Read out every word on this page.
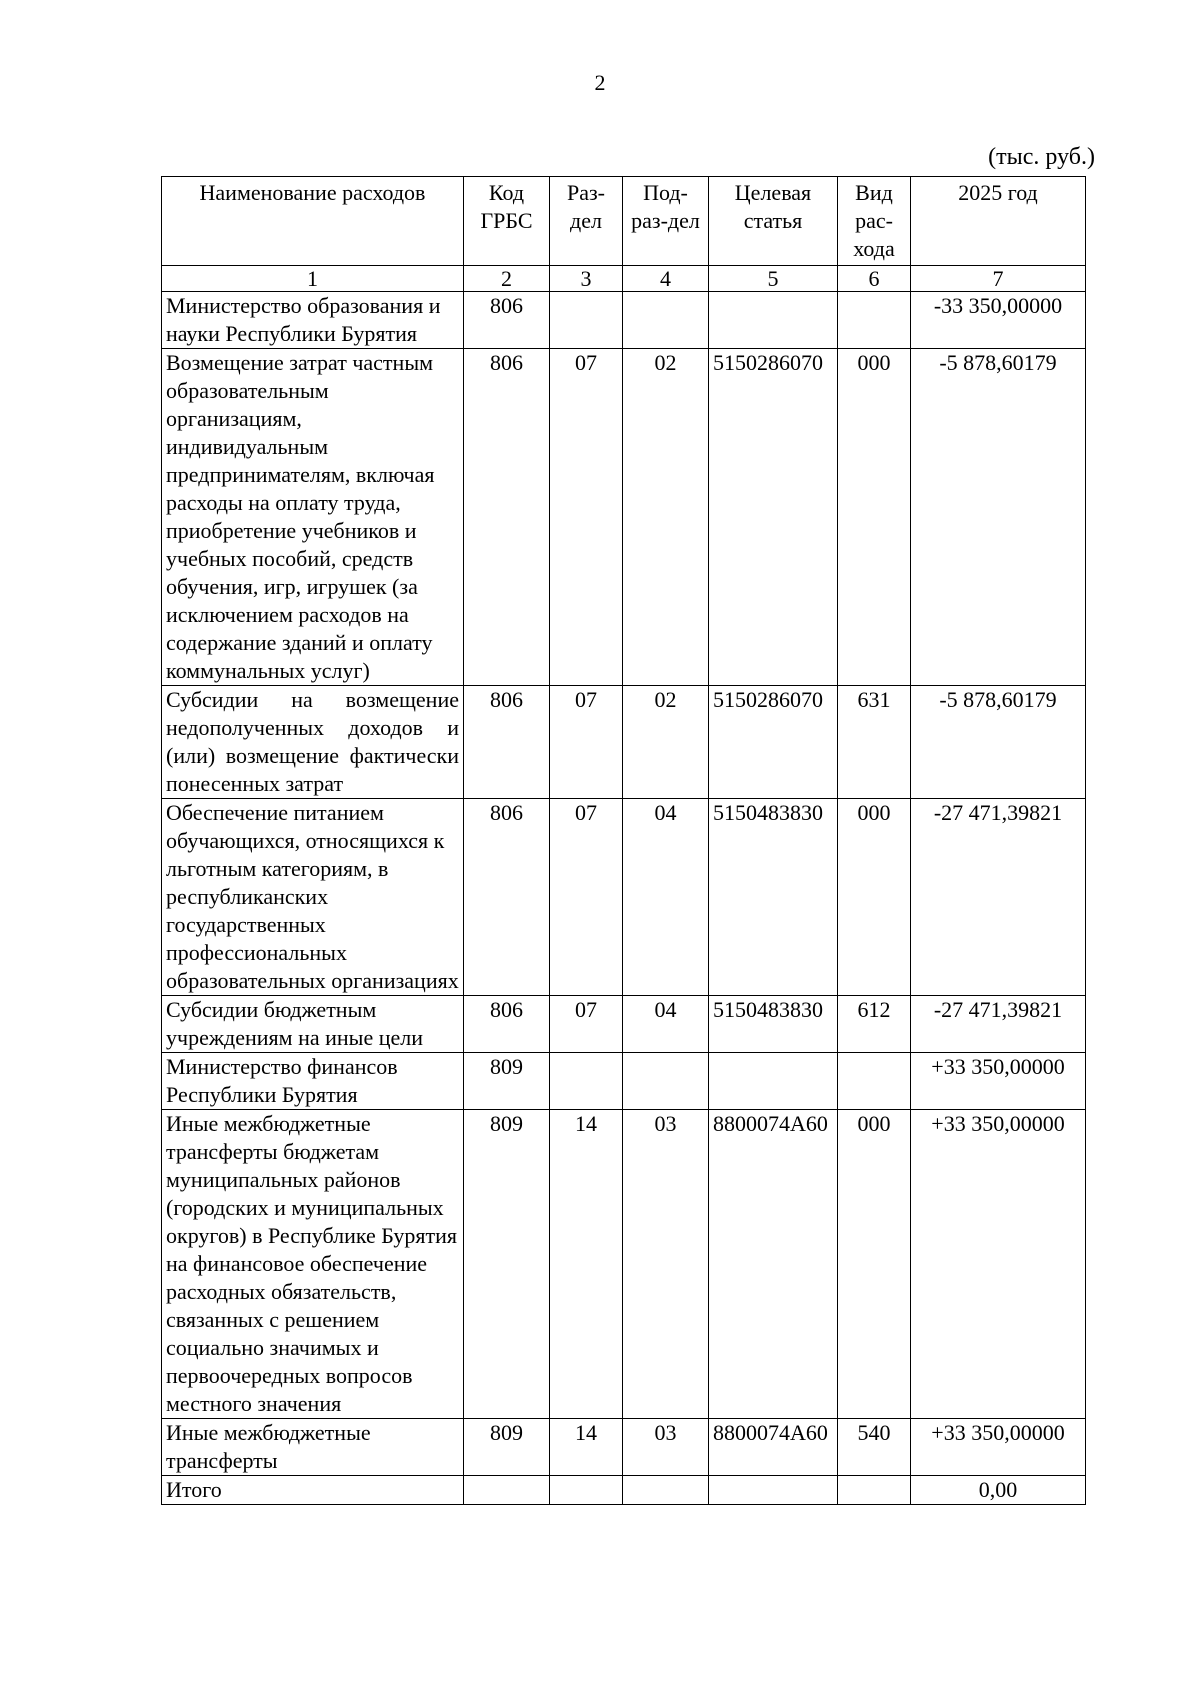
2
(тыс. руб.)
Наименование расходов	Код ГРБС	Раз-дел	Под-раз-дел	Целевая статья	Вид рас-хода	2025 год
1	2	3	4	5	6	7
Министерство образования и науки Республики Бурятия	806					-33 350,00000
Возмещение затрат частным образовательным организациям, индивидуальным предпринимателям, включая расходы на оплату труда, приобретение учебников и учебных пособий, средств обучения, игр, игрушек (за исключением расходов на содержание зданий и оплату коммунальных услуг)	806	07	02	5150286070	000	-5 878,60179
Субсидии на возмещение недополученных доходов и (или) возмещение фактически понесенных затрат	806	07	02	5150286070	631	-5 878,60179
Обеспечение питанием обучающихся, относящихся к льготным категориям, в республиканских государственных профессиональных образовательных организациях	806	07	04	5150483830	000	-27 471,39821
Субсидии бюджетным учреждениям на иные цели	806	07	04	5150483830	612	-27 471,39821
Министерство финансов Республики Бурятия	809					+33 350,00000
Иные межбюджетные трансферты бюджетам муниципальных районов (городских и муниципальных округов) в Республике Бурятия на финансовое обеспечение расходных обязательств, связанных с решением социально значимых и первоочередных вопросов местного значения	809	14	03	8800074А60	000	+33 350,00000
Иные межбюджетные трансферты	809	14	03	8800074А60	540	+33 350,00000
Итого						0,00
